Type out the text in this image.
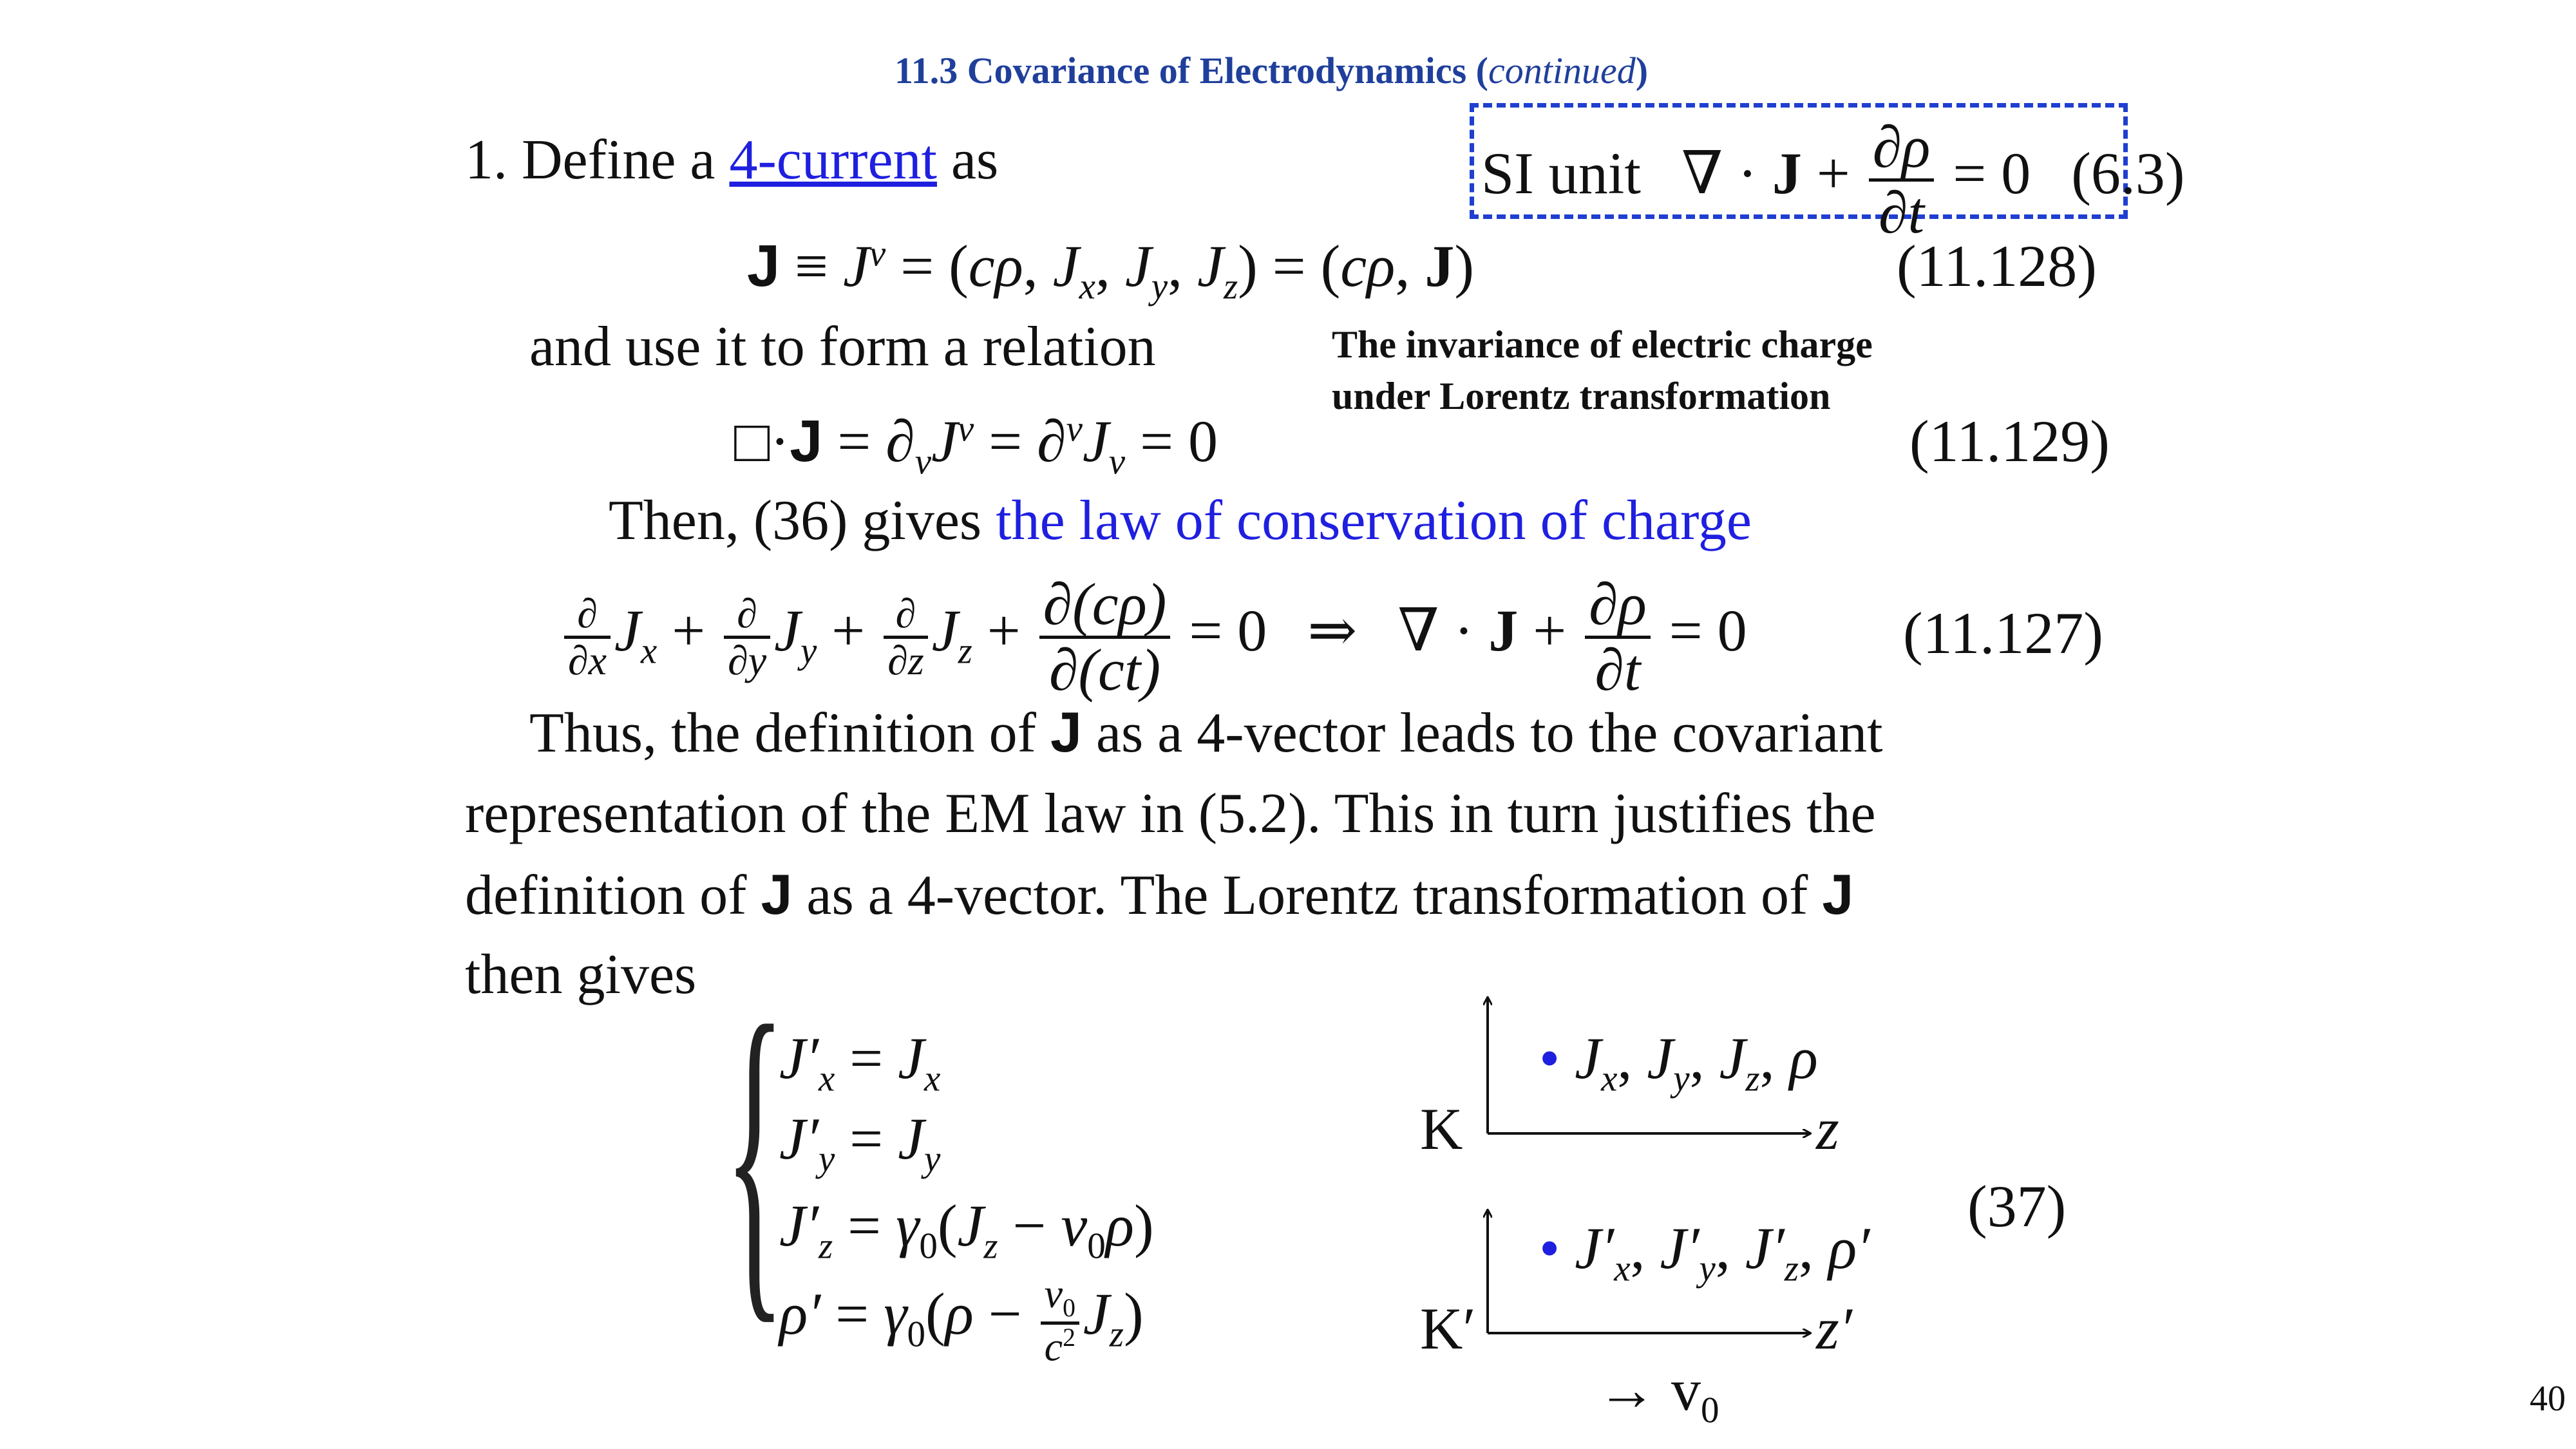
11.3 Covariance of Electrodynamics (continued)
SI unit ∇ · $J + \frac{\partial\rho}{\partial t} = 0$ (6.3)
1. Define a 4-current as
$J \equiv J^\nu = (c\rho$, $J_x$, $J_y$, $J_z) = (c\rho$, J)	(11.128)
and use it to form a relation	The invariance of electric charge
under Lorentz transformation
□·J = $\partial_\nu J^\nu = \partial^\nu J_\nu = 0$	(11.129)
Then, (36) gives the law of conservation of charge
$\frac{\partial}{\partial x} J_x + \frac{\partial}{\partial y} J_y + \frac{\partial}{\partial z} J_z + \frac{\partial(c\rho)}{\partial(ct)} = 0$ ⇒ ∇ · $J + \frac{\partial\rho}{\partial t} = 0$	(11.127)
Thus, the definition of J as a 4-vector leads to the covariant
representation of the EM law in (5.2). This in turn justifies the
definition of J as a 4-vector. The Lorentz transformation of J
then gives {
$J'_x = J_x$
$J'_y = J_y$
$J'_z = \gamma_0(J_z - v_0\rho)$
$\rho' = \gamma_0(\rho - \frac{v_0}{c^2} J_z)$
(37)
K	z
• $J_x$, $J_y$, $J_z$, ρ
K′	z′
• $J'_x$, $J'_y$, $J'_z$, ρ′
→ $v_0$	40
